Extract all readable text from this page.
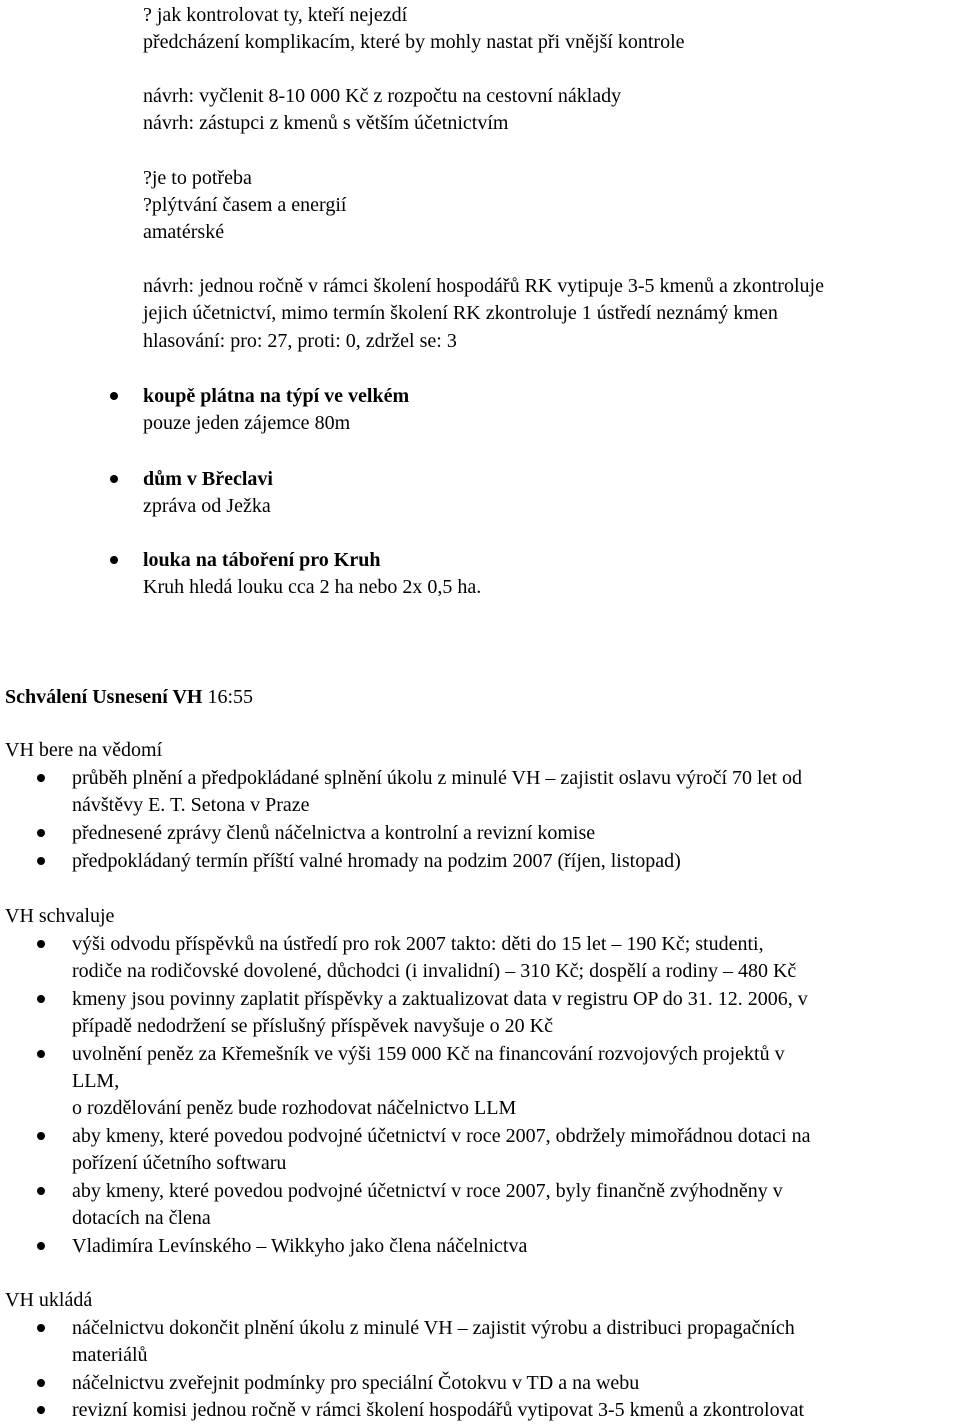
? jak kontrolovat ty, kteří nejezdí
předcházení komplikacím, které by mohly nastat při vnější kontrole
návrh: vyčlenit 8-10 000 Kč z rozpočtu na cestovní náklady
návrh: zástupci z kmenů s větším účetnictvím
?je to potřeba
?plýtvání časem a energií
amatérské
návrh: jednou ročně v rámci školení hospodářů RK vytipuje 3-5 kmenů a zkontroluje
jejich účetnictví, mimo termín školení RK zkontroluje 1 ústředí neznámý kmen
hlasování: pro: 27, proti: 0, zdržel se: 3
koupě plátna na týpí ve velkém
pouze jeden zájemce 80m
dům v Břeclavi
zpráva od Ježka
louka na táboření pro Kruh
Kruh hledá louku cca 2 ha nebo 2x 0,5 ha.
Schválení Usnesení VH 16:55
VH bere na vědomí
průběh plnění a předpokládané splnění úkolu z minulé VH – zajistit oslavu výročí 70 let od
návštěvy E. T. Setona v Praze
přednesené zprávy členů náčelnictva a kontrolní a revizní komise
předpokládaný termín příští valné hromady na podzim 2007 (říjen, listopad)
VH schvaluje
výši odvodu příspěvků na ústředí pro rok 2007 takto: děti do 15 let – 190 Kč; studenti,
rodiče na rodičovské dovolené, důchodci (i invalidní) – 310 Kč; dospělí a rodiny – 480 Kč
kmeny jsou povinny zaplatit příspěvky a zaktualizovat data v registru OP do 31. 12. 2006, v
případě nedodržení se příslušný příspěvek navyšuje o 20 Kč
uvolnění peněz za Křemešník ve výši 159 000 Kč na financování rozvojových projektů v
LLM,
o rozdělování peněz bude rozhodovat náčelnictvo LLM
aby kmeny, které povedou podvojné účetnictví v roce 2007, obdržely mimořádnou dotaci na
pořízení účetního softwaru
aby kmeny, které povedou podvojné účetnictví v roce 2007, byly finančně zvýhodněny v
dotacích na člena
Vladimíra Levínského – Wikkyho jako člena náčelnictva
VH ukládá
náčelnictvu dokončit plnění úkolu z minulé VH – zajistit výrobu a distribuci propagačních
materiálů
náčelnictvu zveřejnit podmínky pro speciální Čotokvu v TD a na webu
revizní komisi jednou ročně v rámci školení hospodářů vytipovat 3-5 kmenů a zkontrolovat
